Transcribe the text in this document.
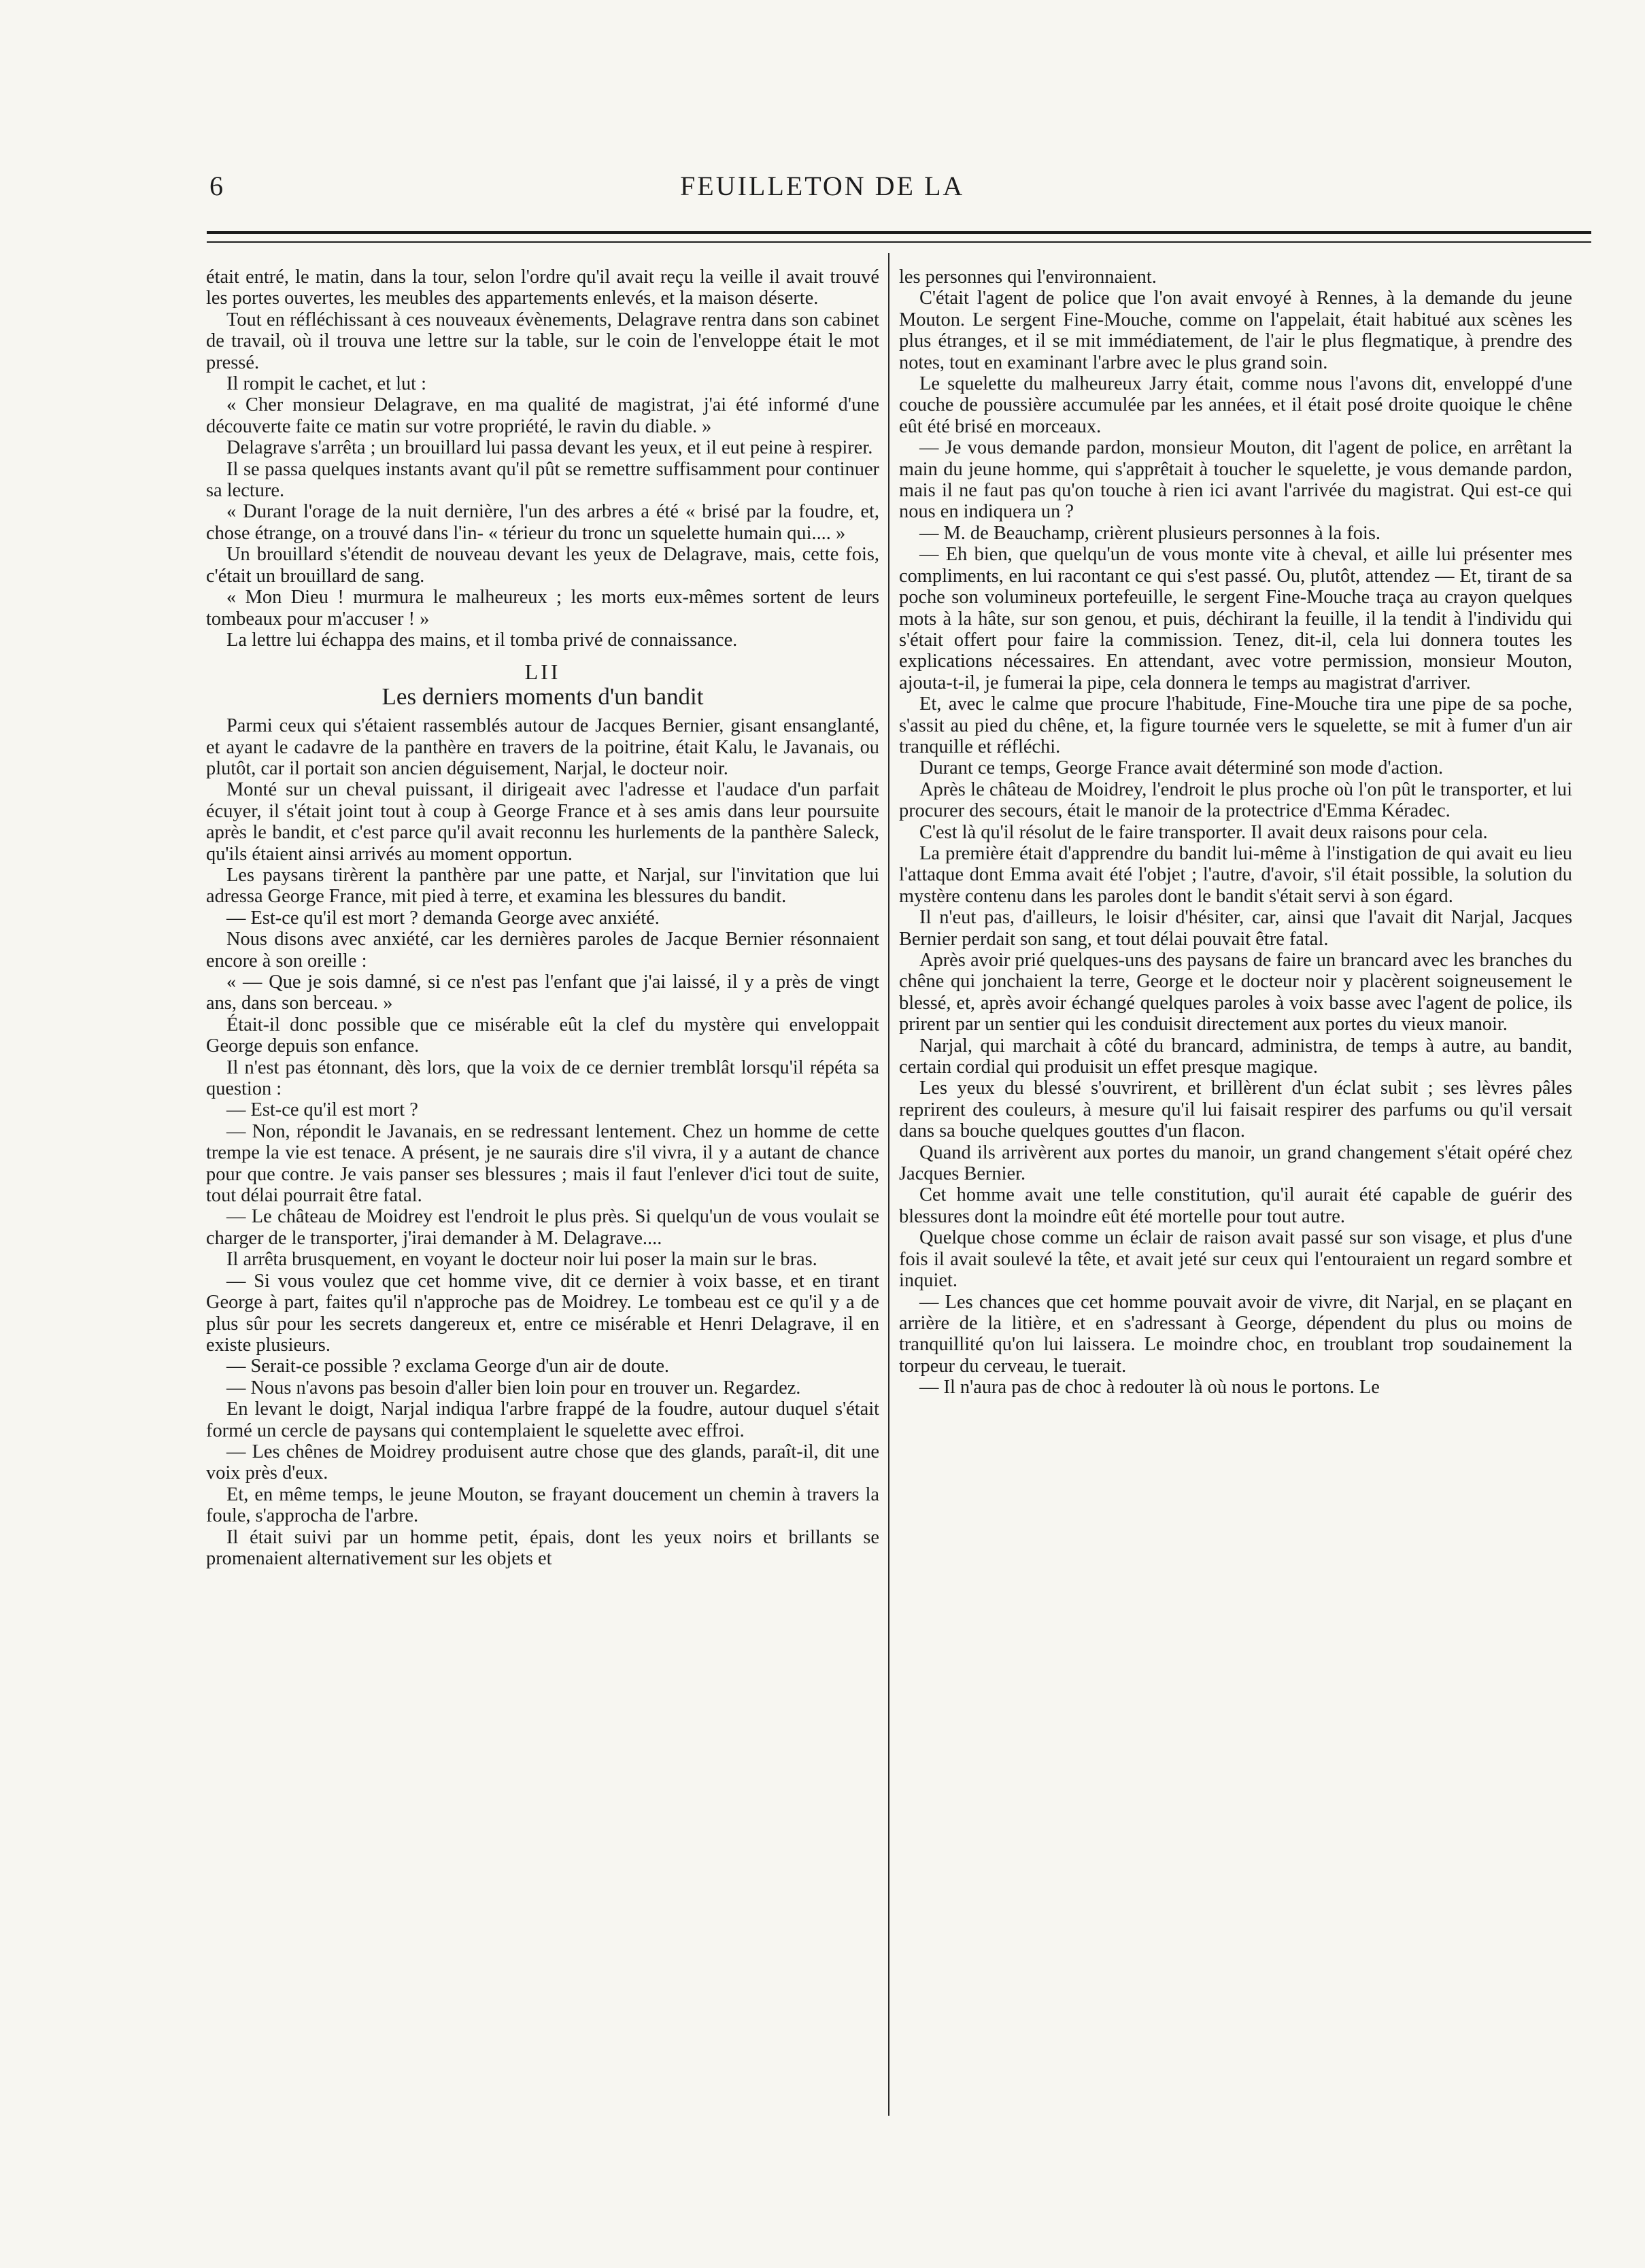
6	FEUILLETON DE LA

était entré, le matin, dans la tour, selon l'ordre qu'il avait reçu la veille il avait trouvé les portes ouvertes, les meubles des appartements enlevés, et la maison déserte.

Tout en réfléchissant à ces nouveaux évènements, Delagrave rentra dans son cabinet de travail, où il trouva une lettre sur la table, sur le coin de l'enveloppe était le mot pressé.

Il rompit le cachet, et lut :

« Cher monsieur Delagrave, en ma qualité de magistrat, j'ai été informé d'une découverte faite ce matin sur votre propriété, le ravin du diable. »

Delagrave s'arrêta ; un brouillard lui passa devant les yeux, et il eut peine à respirer.

Il se passa quelques instants avant qu'il pût se remettre suffisamment pour continuer sa lecture.

« Durant l'orage de la nuit dernière, l'un des arbres a été « brisé par la foudre, et, chose étrange, on a trouvé dans l'in- « térieur du tronc un squelette humain qui.... »

Un brouillard s'étendit de nouveau devant les yeux de Delagrave, mais, cette fois, c'était un brouillard de sang.

« Mon Dieu ! murmura le malheureux ; les morts eux-mêmes sortent de leurs tombeaux pour m'accuser ! »

La lettre lui échappa des mains, et il tomba privé de connaissance.

LII
Les derniers moments d'un bandit

Parmi ceux qui s'étaient rassemblés autour de Jacques Bernier, gisant ensanglanté, et ayant le cadavre de la panthère en travers de la poitrine, était Kalu, le Javanais, ou plutôt, car il portait son ancien déguisement, Narjal, le docteur noir.

Monté sur un cheval puissant, il dirigeait avec l'adresse et l'audace d'un parfait écuyer, il s'était joint tout à coup à George France et à ses amis dans leur poursuite après le bandit, et c'est parce qu'il avait reconnu les hurlements de la panthère Saleck, qu'ils étaient ainsi arrivés au moment opportun.

Les paysans tirèrent la panthère par une patte, et Narjal, sur l'invitation que lui adressa George France, mit pied à terre, et examina les blessures du bandit.

— Est-ce qu'il est mort ? demanda George avec anxiété.

Nous disons avec anxiété, car les dernières paroles de Jacque Bernier résonnaient encore à son oreille :

« — Que je sois damné, si ce n'est pas l'enfant que j'ai laissé, il y a près de vingt ans, dans son berceau. »

Était-il donc possible que ce misérable eût la clef du mystère qui enveloppait George depuis son enfance.

Il n'est pas étonnant, dès lors, que la voix de ce dernier tremblât lorsqu'il répéta sa question :

— Est-ce qu'il est mort ?

— Non, répondit le Javanais, en se redressant lentement. Chez un homme de cette trempe la vie est tenace. A présent, je ne saurais dire s'il vivra, il y a autant de chance pour que contre. Je vais panser ses blessures ; mais il faut l'enlever d'ici tout de suite, tout délai pourrait être fatal.

— Le château de Moidrey est l'endroit le plus près. Si quelqu'un de vous voulait se charger de le transporter, j'irai demander à M. Delagrave....

Il arrêta brusquement, en voyant le docteur noir lui poser la main sur le bras.

— Si vous voulez que cet homme vive, dit ce dernier à voix basse, et en tirant George à part, faites qu'il n'approche pas de Moidrey. Le tombeau est ce qu'il y a de plus sûr pour les secrets dangereux et, entre ce misérable et Henri Delagrave, il en existe plusieurs.

— Serait-ce possible ? exclama George d'un air de doute.

— Nous n'avons pas besoin d'aller bien loin pour en trouver un. Regardez.

En levant le doigt, Narjal indiqua l'arbre frappé de la foudre, autour duquel s'était formé un cercle de paysans qui contemplaient le squelette avec effroi.

— Les chênes de Moidrey produisent autre chose que des glands, paraît-il, dit une voix près d'eux.

Et, en même temps, le jeune Mouton, se frayant doucement un chemin à travers la foule, s'approcha de l'arbre.

Il était suivi par un homme petit, épais, dont les yeux noirs et brillants se promenaient alternativement sur les objets et

les personnes qui l'environnaient.

C'était l'agent de police que l'on avait envoyé à Rennes, à la demande du jeune Mouton. Le sergent Fine-Mouche, comme on l'appelait, était habitué aux scènes les plus étranges, et il se mit immédiatement, de l'air le plus flegmatique, à prendre des notes, tout en examinant l'arbre avec le plus grand soin.

Le squelette du malheureux Jarry était, comme nous l'avons dit, enveloppé d'une couche de poussière accumulée par les années, et il était posé droite quoique le chêne eût été brisé en morceaux.

— Je vous demande pardon, monsieur Mouton, dit l'agent de police, en arrêtant la main du jeune homme, qui s'apprêtait à toucher le squelette, je vous demande pardon, mais il ne faut pas qu'on touche à rien ici avant l'arrivée du magistrat. Qui est-ce qui nous en indiquera un ?

— M. de Beauchamp, crièrent plusieurs personnes à la fois.

— Eh bien, que quelqu'un de vous monte vite à cheval, et aille lui présenter mes compliments, en lui racontant ce qui s'est passé. Ou, plutôt, attendez — Et, tirant de sa poche son volumineux portefeuille, le sergent Fine-Mouche traça au crayon quelques mots à la hâte, sur son genou, et puis, déchirant la feuille, il la tendit à l'individu qui s'était offert pour faire la commission. Tenez, dit-il, cela lui donnera toutes les explications nécessaires. En attendant, avec votre permission, monsieur Mouton, ajouta-t-il, je fumerai la pipe, cela donnera le temps au magistrat d'arriver.

Et, avec le calme que procure l'habitude, Fine-Mouche tira une pipe de sa poche, s'assit au pied du chêne, et, la figure tournée vers le squelette, se mit à fumer d'un air tranquille et réfléchi.

Durant ce temps, George France avait déterminé son mode d'action.

Après le château de Moidrey, l'endroit le plus proche où l'on pût le transporter, et lui procurer des secours, était le manoir de la protectrice d'Emma Kéradec.

C'est là qu'il résolut de le faire transporter. Il avait deux raisons pour cela.

La première était d'apprendre du bandit lui-même à l'instigation de qui avait eu lieu l'attaque dont Emma avait été l'objet ; l'autre, d'avoir, s'il était possible, la solution du mystère contenu dans les paroles dont le bandit s'était servi à son égard.

Il n'eut pas, d'ailleurs, le loisir d'hésiter, car, ainsi que l'avait dit Narjal, Jacques Bernier perdait son sang, et tout délai pouvait être fatal.

Après avoir prié quelques-uns des paysans de faire un brancard avec les branches du chêne qui jonchaient la terre, George et le docteur noir y placèrent soigneusement le blessé, et, après avoir échangé quelques paroles à voix basse avec l'agent de police, ils prirent par un sentier qui les conduisit directement aux portes du vieux manoir.

Narjal, qui marchait à côté du brancard, administra, de temps à autre, au bandit, certain cordial qui produisit un effet presque magique.

Les yeux du blessé s'ouvrirent, et brillèrent d'un éclat subit ; ses lèvres pâles reprirent des couleurs, à mesure qu'il lui faisait respirer des parfums ou qu'il versait dans sa bouche quelques gouttes d'un flacon.

Quand ils arrivèrent aux portes du manoir, un grand changement s'était opéré chez Jacques Bernier.

Cet homme avait une telle constitution, qu'il aurait été capable de guérir des blessures dont la moindre eût été mortelle pour tout autre.

Quelque chose comme un éclair de raison avait passé sur son visage, et plus d'une fois il avait soulevé la tête, et avait jeté sur ceux qui l'entouraient un regard sombre et inquiet.

— Les chances que cet homme pouvait avoir de vivre, dit Narjal, en se plaçant en arrière de la litière, et en s'adressant à George, dépendent du plus ou moins de tranquillité qu'on lui laissera. Le moindre choc, en troublant trop soudainement la torpeur du cerveau, le tuerait.

— Il n'aura pas de choc à redouter là où nous le portons. Le
